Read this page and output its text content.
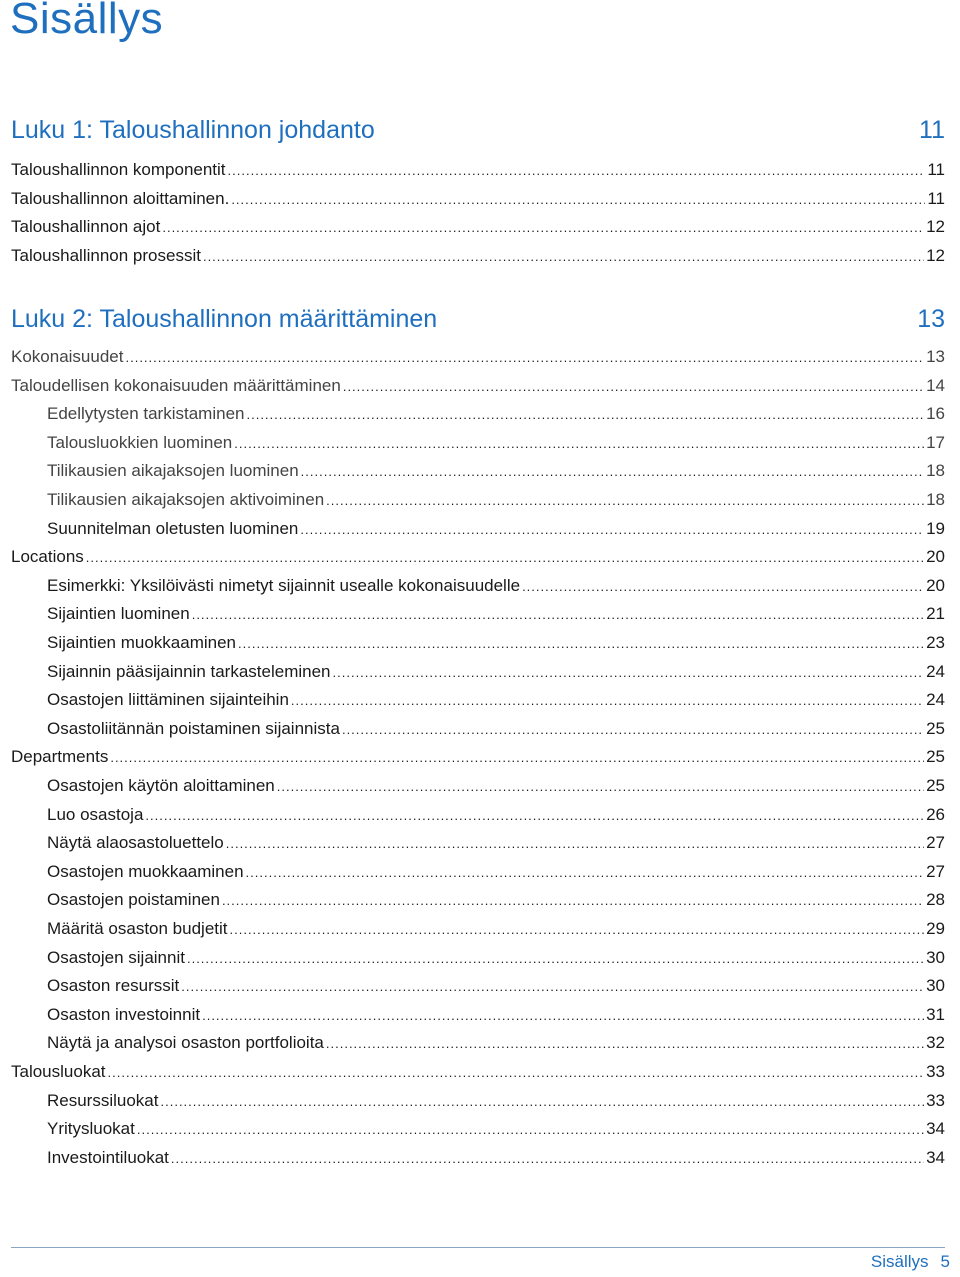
Sisällys
Luku 1: Taloushallinnon johdanto	11
Taloushallinnon komponentit .....	11
Taloushallinnon aloittaminen. .....	11
Taloushallinnon ajot .....	12
Taloushallinnon prosessit .....	12
Luku 2: Taloushallinnon määrittäminen	13
Kokonaisuudet .....	13
Taloudellisen kokonaisuuden määrittäminen .....	14
Edellytysten tarkistaminen .....	16
Talousluokkien luominen .....	17
Tilikausien aikajaksojen luominen .....	18
Tilikausien aikajaksojen aktivoiminen .....	18
Suunnitelman oletusten luominen .....	19
Locations .....	20
Esimerkki: Yksilöivästi nimetyt sijainnit usealle kokonaisuudelle .....	20
Sijaintien luominen .....	21
Sijaintien muokkaaminen .....	23
Sijainnin pääsijainnin tarkasteleminen .....	24
Osastojen liittäminen sijainteihin .....	24
Osastoliitännän poistaminen sijainnista .....	25
Departments .....	25
Osastojen käytön aloittaminen .....	25
Luo osastoja .....	26
Näytä alaosastoluettelo .....	27
Osastojen muokkaaminen .....	27
Osastojen poistaminen .....	28
Määritä osaston budjetit .....	29
Osastojen sijainnit .....	30
Osaston resurssit .....	30
Osaston investoinnit .....	31
Näytä ja analysoi osaston portfolioita .....	32
Talousluokat .....	33
Resurssiluokat .....	33
Yritysluokat .....	34
Investointiluokat .....	34
Sisällys 5
